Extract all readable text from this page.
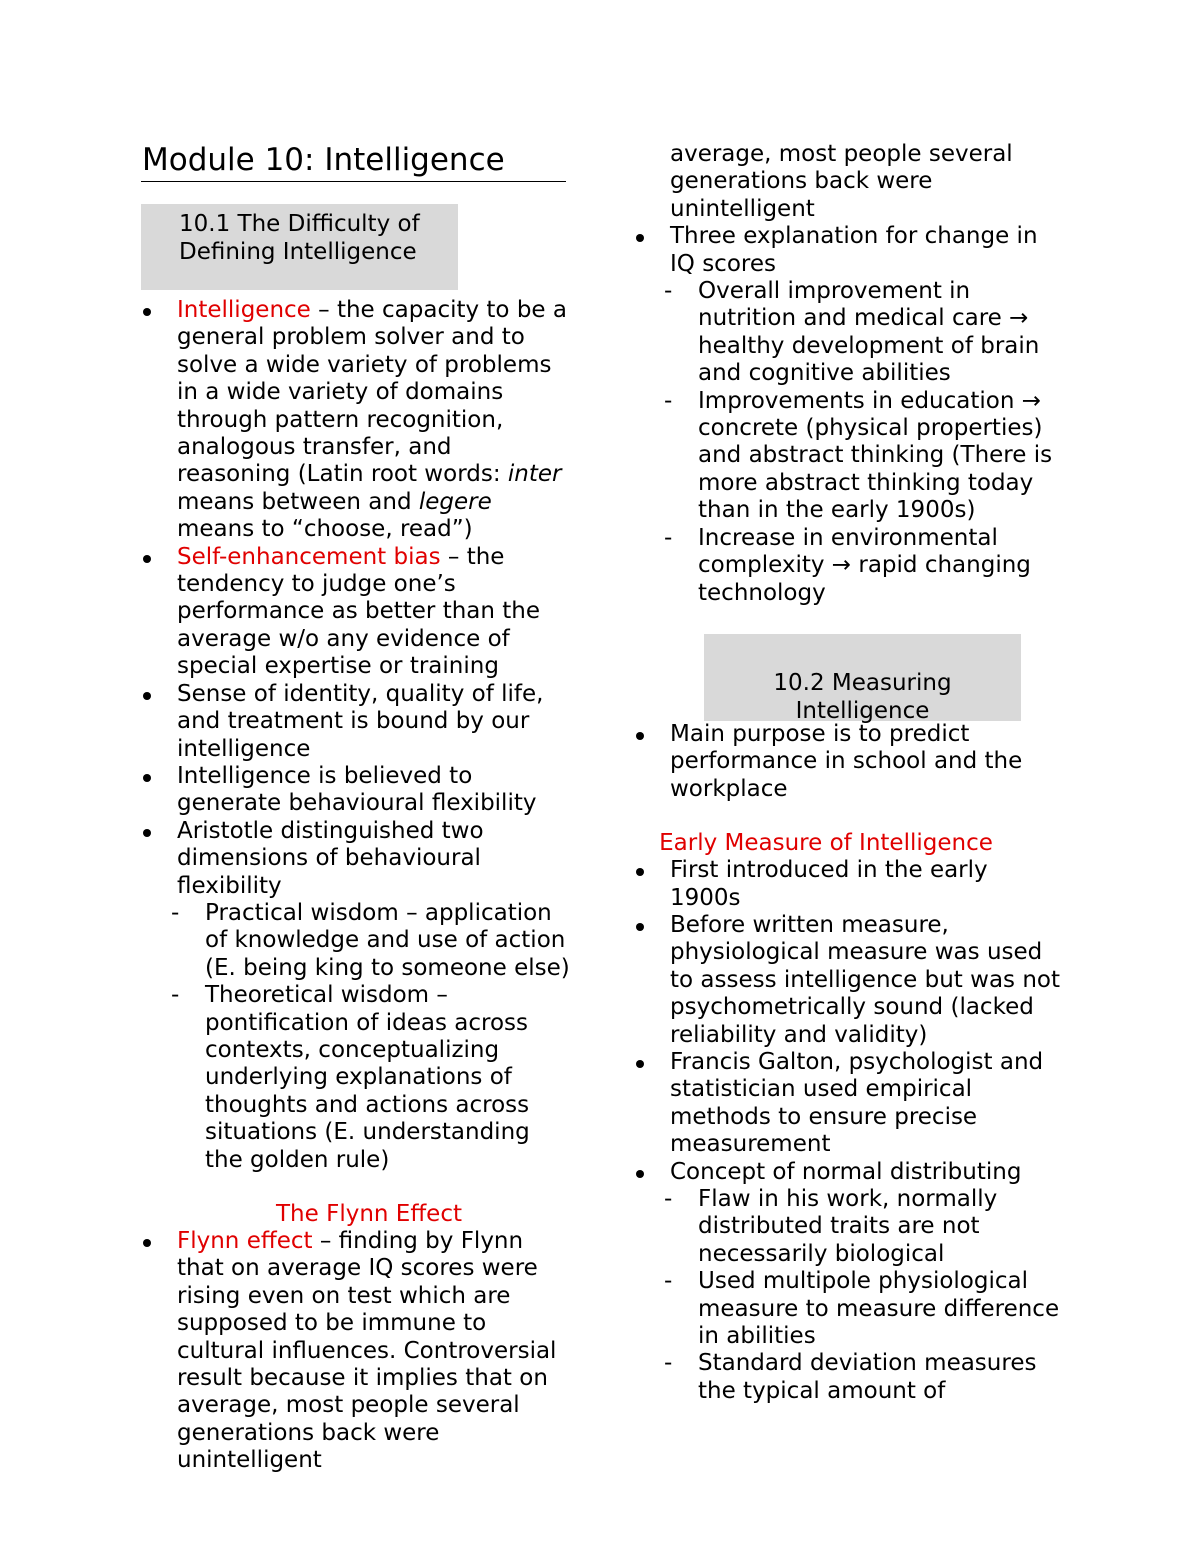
Module 10: Intelligence
10.1 The Difficulty of Defining Intelligence
Intelligence – the capacity to be a general problem solver and to solve a wide variety of problems in a wide variety of domains through pattern recognition, analogous transfer, and reasoning (Latin root words: inter means between and legere means to “choose, read”)
Self-enhancement bias – the tendency to judge one’s performance as better than the average w/o any evidence of special expertise or training
Sense of identity, quality of life, and treatment is bound by our intelligence
Intelligence is believed to generate behavioural flexibility
Aristotle distinguished two dimensions of behavioural flexibility
- Practical wisdom – application of knowledge and use of action (E. being king to someone else)
- Theoretical wisdom – pontification of ideas across contexts, conceptualizing underlying explanations of thoughts and actions across situations (E. understanding the golden rule)
The Flynn Effect
Flynn effect – finding by Flynn that on average IQ scores were rising even on test which are supposed to be immune to cultural influences. Controversial result because it implies that on average, most people several generations back were unintelligent
average, most people several generations back were unintelligent
Three explanation for change in IQ scores
- Overall improvement in nutrition and medical care → healthy development of brain and cognitive abilities
- Improvements in education → concrete (physical properties) and abstract thinking (There is more abstract thinking today than in the early 1900s)
- Increase in environmental complexity → rapid changing technology
10.2 Measuring Intelligence
Main purpose is to predict performance in school and the workplace
Early Measure of Intelligence
First introduced in the early 1900s
Before written measure, physiological measure was used to assess intelligence but was not psychometrically sound (lacked reliability and validity)
Francis Galton, psychologist and statistician used empirical methods to ensure precise measurement
Concept of normal distributing
- Flaw in his work, normally distributed traits are not necessarily biological
- Used multipole physiological measure to measure difference in abilities
- Standard deviation measures the typical amount of
